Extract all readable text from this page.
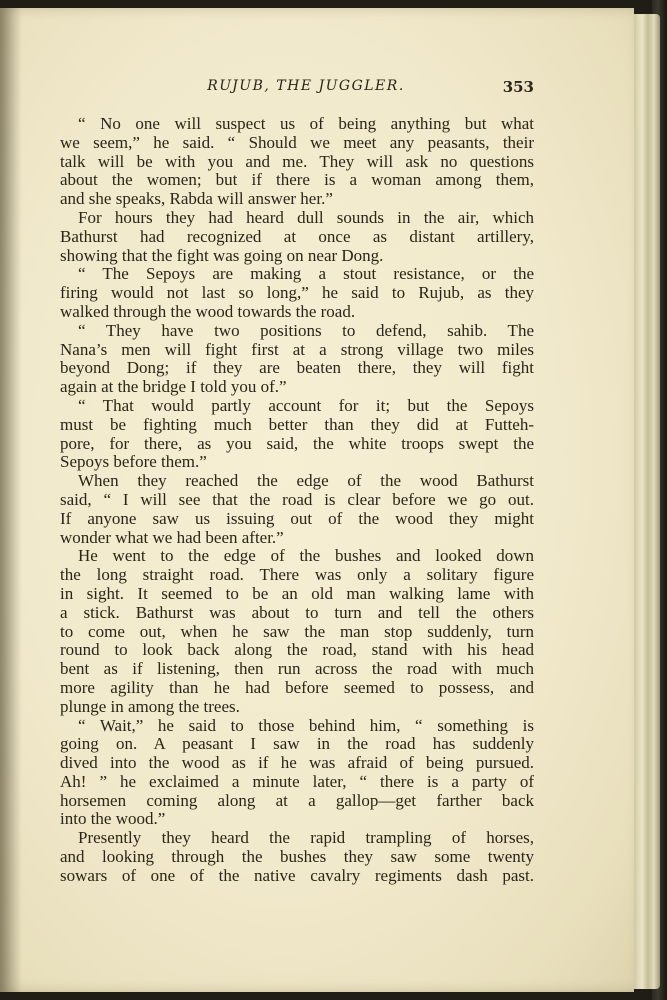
RUJUB, THE JUGGLER.	353
“ No one will suspect us of being anything but what
we seem,” he said. “ Should we meet any peasants, their
talk will be with you and me. They will ask no questions
about the women; but if there is a woman among them,
and she speaks, Rabda will answer her.”
For hours they had heard dull sounds in the air, which
Bathurst had recognized at once as distant artillery,
showing that the fight was going on near Dong.
“ The Sepoys are making a stout resistance, or the
firing would not last so long,” he said to Rujub, as they
walked through the wood towards the road.
“ They have two positions to defend, sahib. The
Nana’s men will fight first at a strong village two miles
beyond Dong; if they are beaten there, they will fight
again at the bridge I told you of.”
“ That would partly account for it; but the Sepoys
must be fighting much better than they did at Futteh-
pore, for there, as you said, the white troops swept the
Sepoys before them.”
When they reached the edge of the wood Bathurst
said, “ I will see that the road is clear before we go out.
If anyone saw us issuing out of the wood they might
wonder what we had been after.”
He went to the edge of the bushes and looked down
the long straight road. There was only a solitary figure
in sight. It seemed to be an old man walking lame with
a stick. Bathurst was about to turn and tell the others
to come out, when he saw the man stop suddenly, turn
round to look back along the road, stand with his head
bent as if listening, then run across the road with much
more agility than he had before seemed to possess, and
plunge in among the trees.
“ Wait,” he said to those behind him, “ something is
going on. A peasant I saw in the road has suddenly
dived into the wood as if he was afraid of being pursued.
Ah! ” he exclaimed a minute later, “ there is a party of
horsemen coming along at a gallop—get farther back
into the wood.”
Presently they heard the rapid trampling of horses,
and looking through the bushes they saw some twenty
sowars of one of the native cavalry regiments dash past.
